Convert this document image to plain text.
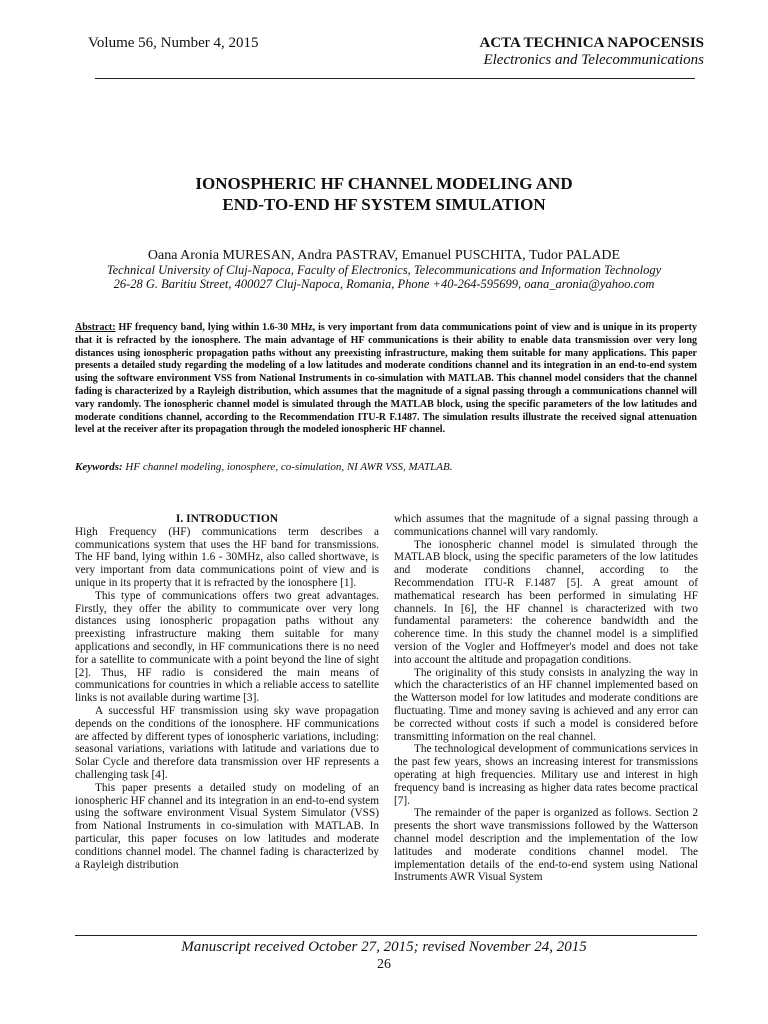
Volume 56, Number 4, 2015	ACTA TECHNICA NAPOCENSIS
Electronics and Telecommunications
IONOSPHERIC HF CHANNEL MODELING AND
END-TO-END HF SYSTEM SIMULATION
Oana Aronia MURESAN, Andra PASTRAV, Emanuel PUSCHITA, Tudor PALADE
Technical University of Cluj-Napoca, Faculty of Electronics, Telecommunications and Information Technology
26-28 G. Baritiu Street, 400027 Cluj-Napoca, Romania, Phone +40-264-595699, oana_aronia@yahoo.com
Abstract: HF frequency band, lying within 1.6-30 MHz, is very important from data communications point of view and is unique in its property that it is refracted by the ionosphere. The main advantage of HF communications is their ability to enable data transmission over very long distances using ionospheric propagation paths without any preexisting infrastructure, making them suitable for many applications. This paper presents a detailed study regarding the modeling of a low latitudes and moderate conditions channel and its integration in an end-to-end system using the software environment VSS from National Instruments in co-simulation with MATLAB. This channel model considers that the channel fading is characterized by a Rayleigh distribution, which assumes that the magnitude of a signal passing through a communications channel will vary randomly. The ionospheric channel model is simulated through the MATLAB block, using the specific parameters of the low latitudes and moderate conditions channel, according to the Recommendation ITU-R F.1487. The simulation results illustrate the received signal attenuation level at the receiver after its propagation through the modeled ionospheric HF channel.
Keywords: HF channel modeling, ionosphere, co-simulation, NI AWR VSS, MATLAB.

I. INTRODUCTION

High Frequency (HF) communications term describes a communications system that uses the HF band for transmissions. The HF band, lying within 1.6 - 30MHz, also called shortwave, is very important from data communications point of view and is unique in its property that it is refracted by the ionosphere [1].

This type of communications offers two great advantages. Firstly, they offer the ability to communicate over very long distances using ionospheric propagation paths without any preexisting infrastructure making them suitable for many applications and secondly, in HF communications there is no need for a satellite to communicate with a point beyond the line of sight [2]. Thus, HF radio is considered the main means of communications for countries in which a reliable access to satellite links is not available during wartime [3].

A successful HF transmission using sky wave propagation depends on the conditions of the ionosphere. HF communications are affected by different types of ionospheric variations, including: seasonal variations, variations with latitude and variations due to Solar Cycle and therefore data transmission over HF represents a challenging task [4].

This paper presents a detailed study on modeling of an ionospheric HF channel and its integration in an end-to-end system using the software environment Visual System Simulator (VSS) from National Instruments in co-simulation with MATLAB. In particular, this paper focuses on low latitudes and moderate conditions channel model. The channel fading is characterized by a Rayleigh distribution

which assumes that the magnitude of a signal passing through a communications channel will vary randomly.

The ionospheric channel model is simulated through the MATLAB block, using the specific parameters of the low latitudes and moderate conditions channel, according to the Recommendation ITU-R F.1487 [5]. A great amount of mathematical research has been performed in simulating HF channels. In [6], the HF channel is characterized with two fundamental parameters: the coherence bandwidth and the coherence time. In this study the channel model is a simplified version of the Vogler and Hoffmeyer's model and does not take into account the altitude and propagation conditions.

The originality of this study consists in analyzing the way in which the characteristics of an HF channel implemented based on the Watterson model for low latitudes and moderate conditions are fluctuating. Time and money saving is achieved and any error can be corrected without costs if such a model is considered before transmitting information on the real channel.

The technological development of communications services in the past few years, shows an increasing interest for transmissions operating at high frequencies. Military use and interest in high frequency band is increasing as higher data rates become practical [7].

The remainder of the paper is organized as follows. Section 2 presents the short wave transmissions followed by the Watterson channel model description and the implementation of the low latitudes and moderate conditions channel model. The implementation details of the end-to-end system using National Instruments AWR Visual System

Manuscript received October 27, 2015; revised November 24, 2015
26
